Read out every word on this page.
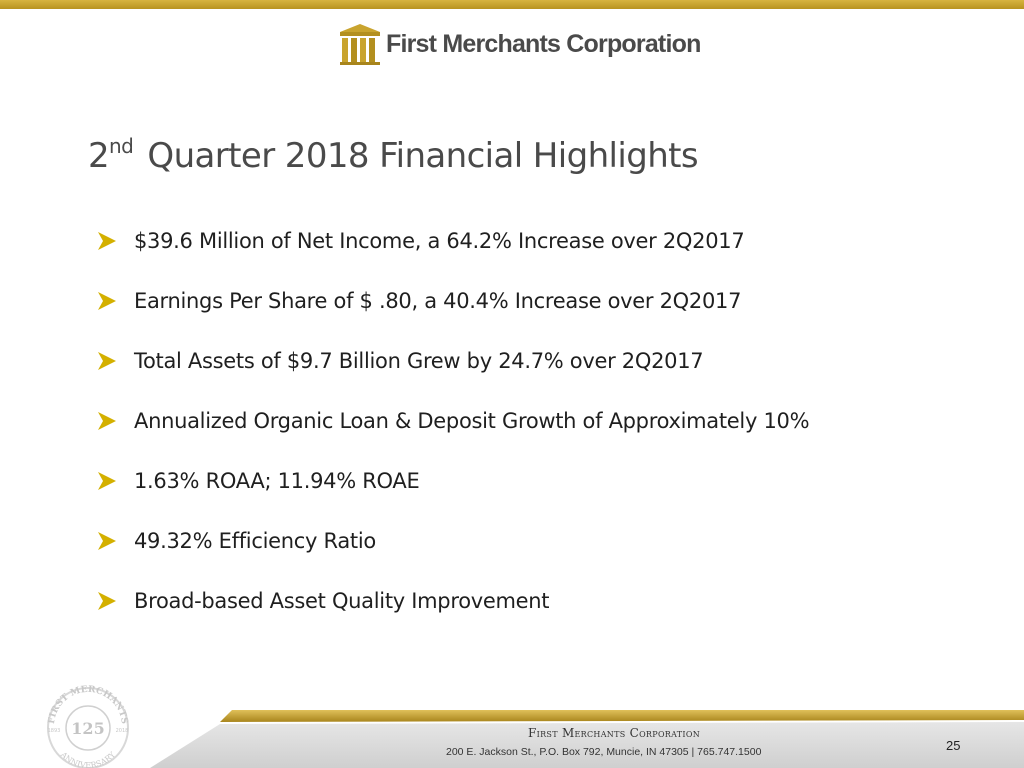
First Merchants Corporation
2nd Quarter 2018 Financial Highlights
$39.6 Million of Net Income, a 64.2% Increase over 2Q2017
Earnings Per Share of $ .80, a 40.4% Increase over 2Q2017
Total Assets of $9.7 Billion Grew by 24.7% over 2Q2017
Annualized Organic Loan & Deposit Growth of Approximately 10%
1.63% ROAA; 11.94% ROAE
49.32% Efficiency Ratio
Broad-based Asset Quality Improvement
FIRST MERCHANTS
125
1893	2018
ANNIVERSARY
First Merchants Corporation
200 E. Jackson St., P.O. Box 792, Muncie, IN 47305 | 765.747.1500	25
